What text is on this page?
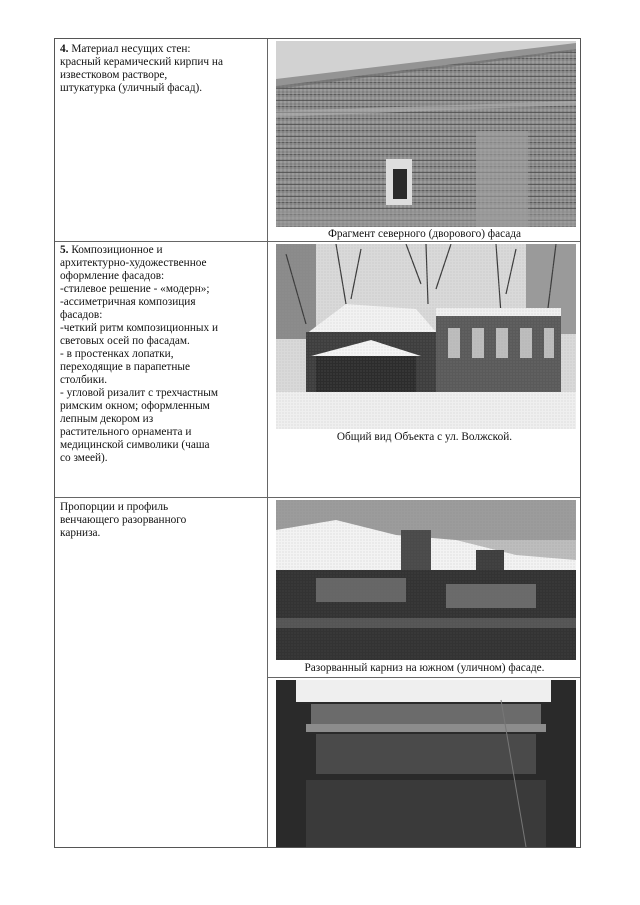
4. Материал несущих стен:

красный керамический кирпич на

известковом растворе,

штукатурка (уличный фасад).

Фрагмент северного (дворового) фасада

5. Композиционное и

архитектурно-художественное

оформление фасадов:

-стилевое решение - «модерн»;

-ассиметричная композиция

фасадов:

-четкий ритм композиционных и

световых осей по фасадам.

- в простенках лопатки,

переходящие в парапетные

столбики.

- угловой ризалит с трехчастным

римским окном; оформленным

лепным декором из

растительного орнамента и

медицинской символики (чаша

со змеей).

Общий вид Объекта с ул. Волжской.

Пропорции и профиль

венчающего разорванного

карниза.

Разорванный карниз на южном (уличном) фасаде.
